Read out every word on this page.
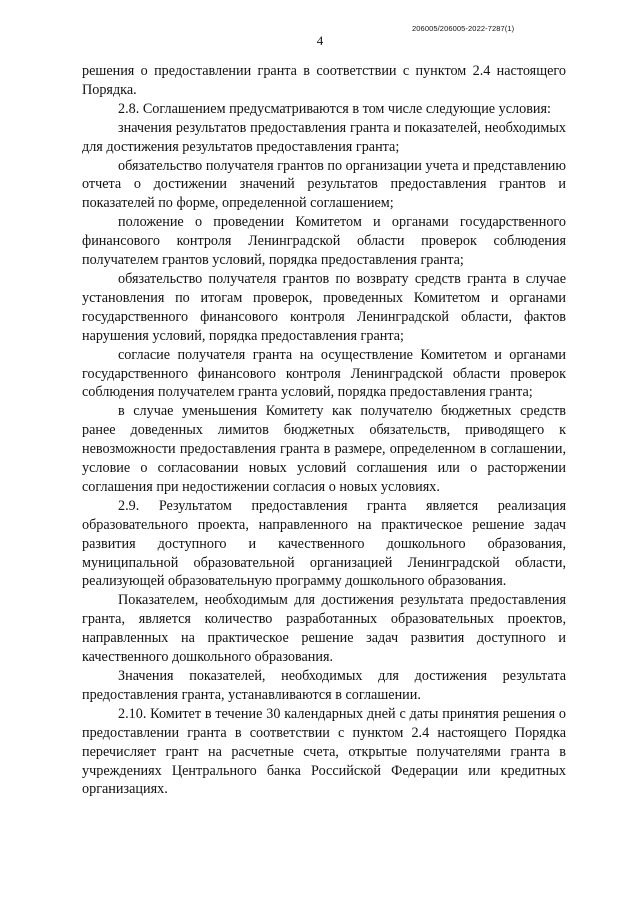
4
206005/206005-2022-7287(1)

решения о предоставлении гранта в соответствии с пунктом 2.4 настоящего Порядка.

2.8. Соглашением предусматриваются в том числе следующие условия:

значения результатов предоставления гранта и показателей, необходимых для достижения результатов предоставления гранта;

обязательство получателя грантов по организации учета и представлению отчета о достижении значений результатов предоставления грантов и показателей по форме, определенной соглашением;

положение о проведении Комитетом и органами государственного финансового контроля Ленинградской области проверок соблюдения получателем грантов условий, порядка предоставления гранта;

обязательство получателя грантов по возврату средств гранта в случае установления по итогам проверок, проведенных Комитетом и органами государственного финансового контроля Ленинградской области, фактов нарушения условий, порядка предоставления гранта;

согласие получателя гранта на осуществление Комитетом и органами государственного финансового контроля Ленинградской области проверок соблюдения получателем гранта условий, порядка предоставления гранта;

в случае уменьшения Комитету как получателю бюджетных средств ранее доведенных лимитов бюджетных обязательств, приводящего к невозможности предоставления гранта в размере, определенном в соглашении, условие о согласовании новых условий соглашения или о расторжении соглашения при недостижении согласия о новых условиях.

2.9. Результатом предоставления гранта является реализация образовательного проекта, направленного на практическое решение задач развития доступного и качественного дошкольного образования, муниципальной образовательной организацией Ленинградской области, реализующей образовательную программу дошкольного образования.

Показателем, необходимым для достижения результата предоставления гранта, является количество разработанных образовательных проектов, направленных на практическое решение задач развития доступного и качественного дошкольного образования.

Значения показателей, необходимых для достижения результата предоставления гранта, устанавливаются в соглашении.

2.10. Комитет в течение 30 календарных дней с даты принятия решения о предоставлении гранта в соответствии с пунктом 2.4 настоящего Порядка перечисляет грант на расчетные счета, открытые получателями гранта в учреждениях Центрального банка Российской Федерации или кредитных организациях.
